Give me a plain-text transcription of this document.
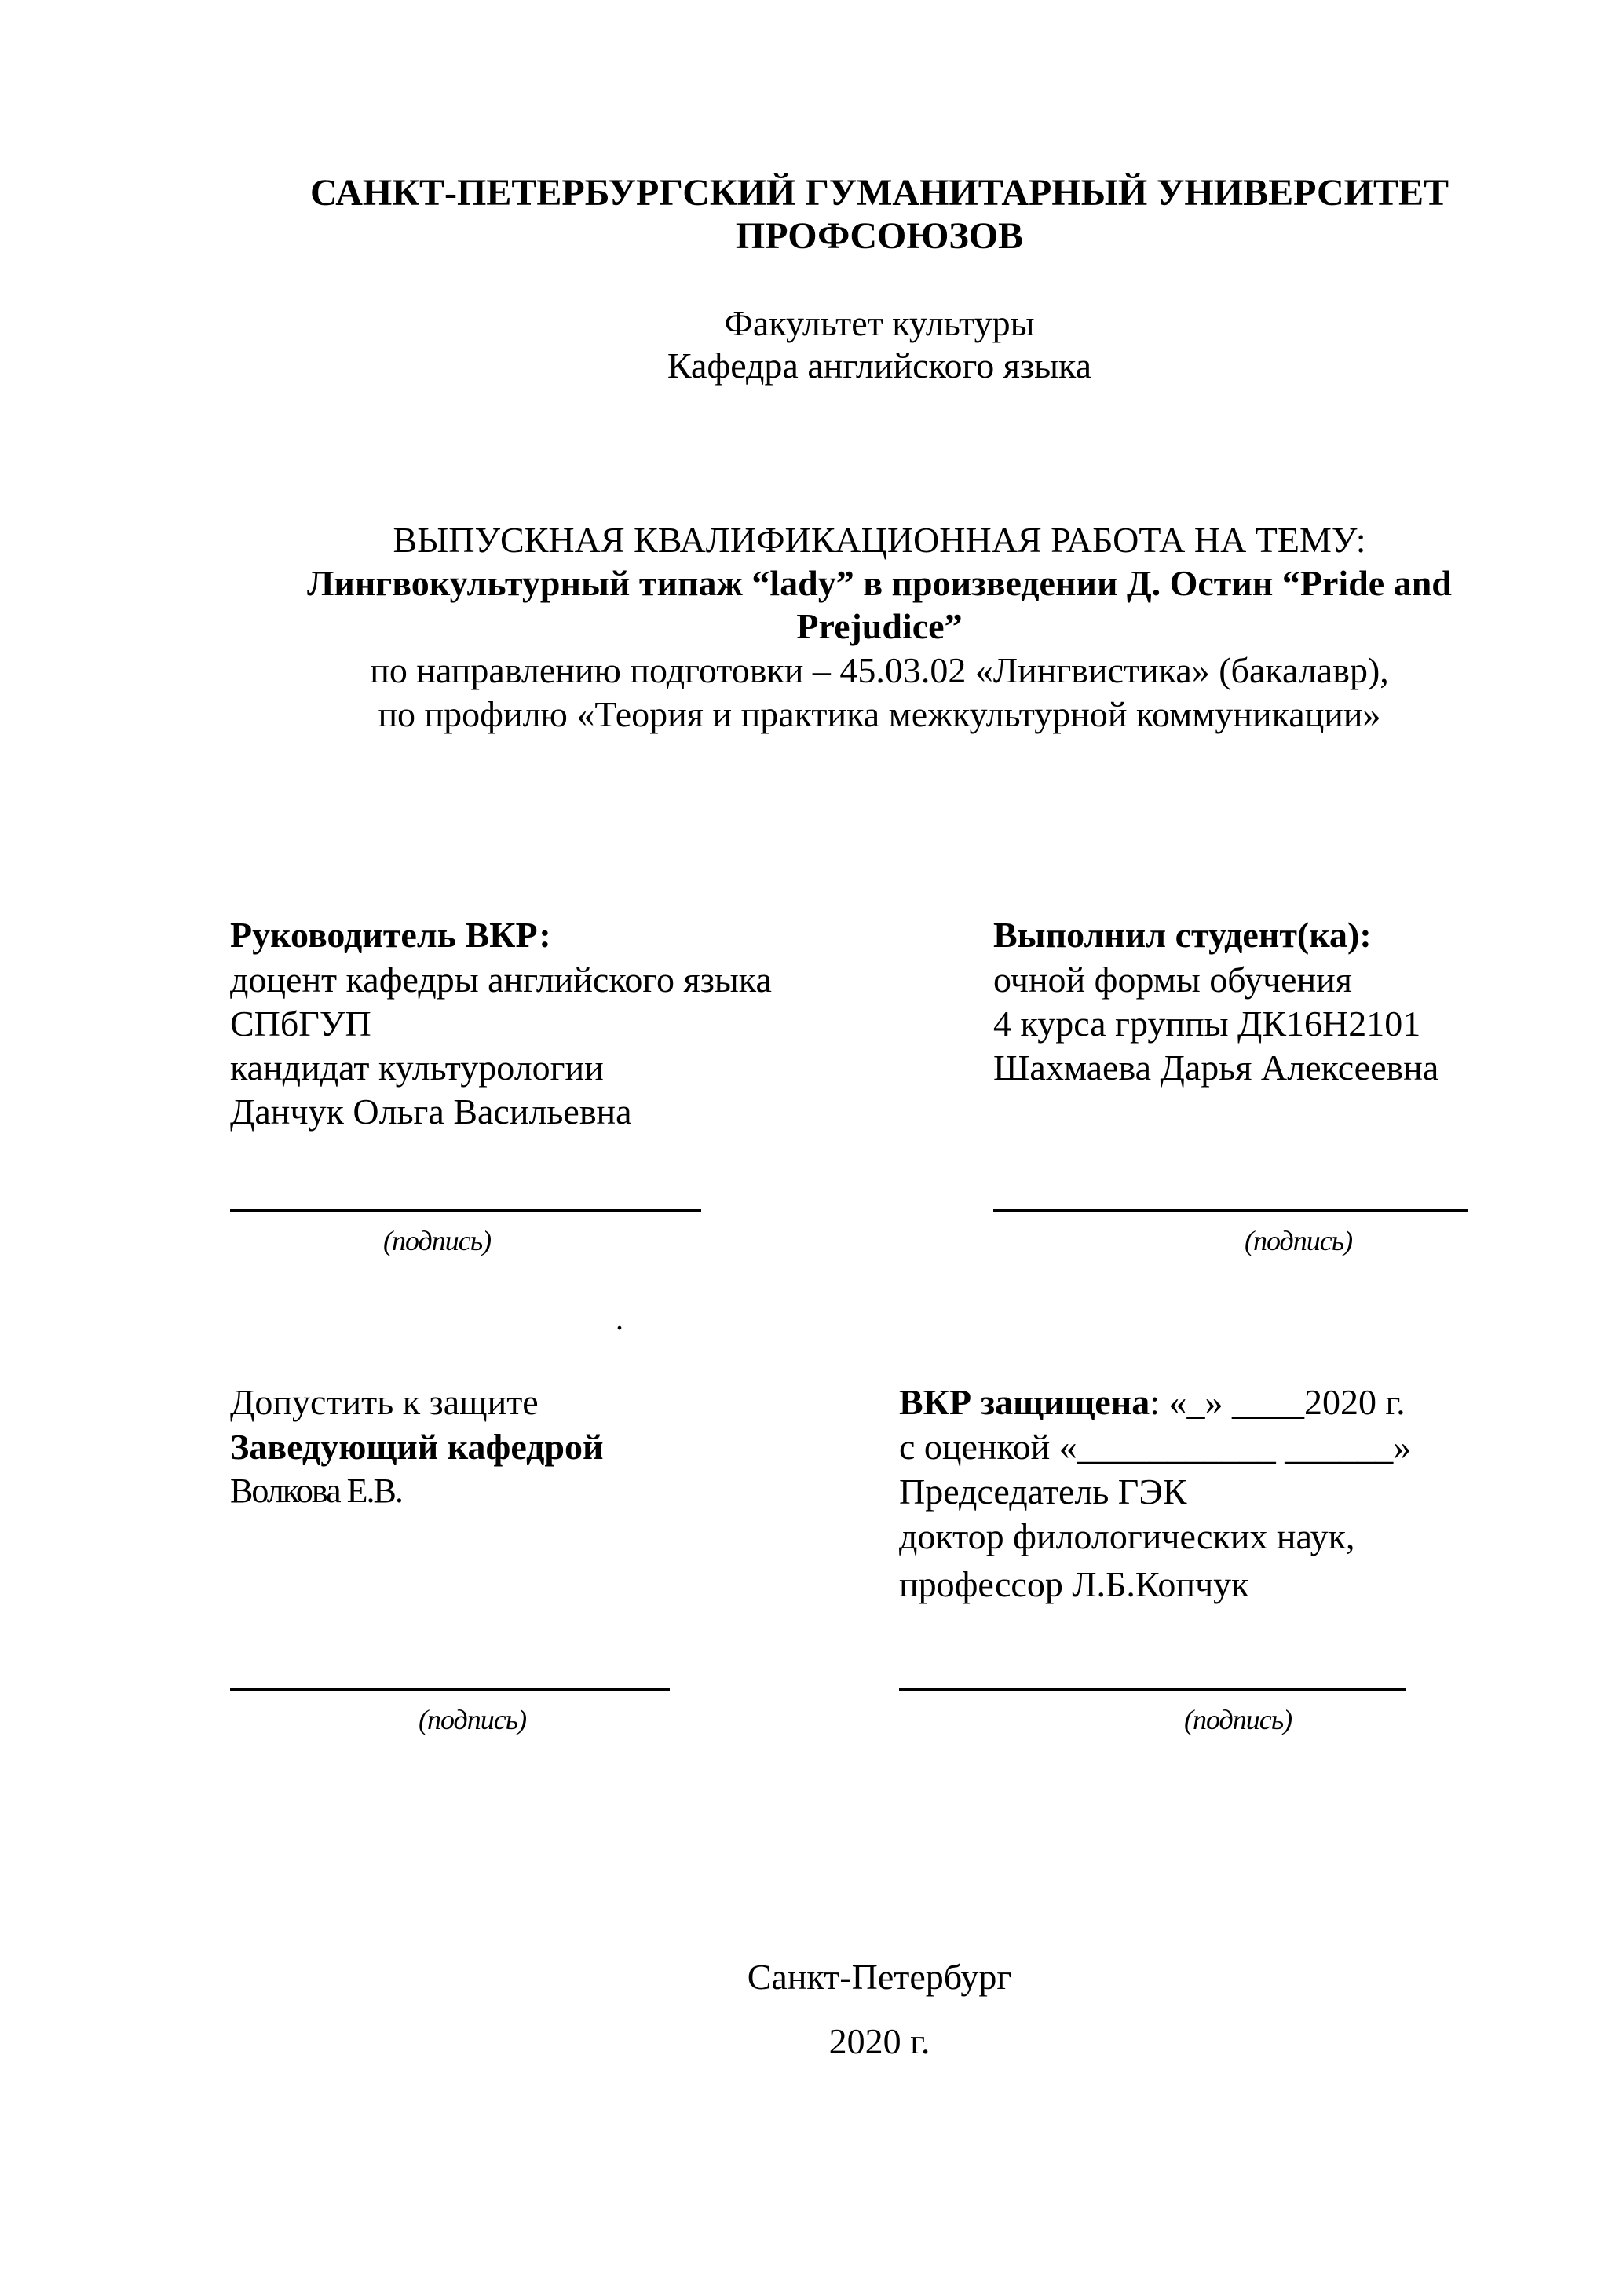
САНКТ-ПЕТЕРБУРГСКИЙ ГУМАНИТАРНЫЙ УНИВЕРСИТЕТ
ПРОФСОЮЗОВ
Факультет культуры
Кафедра английского языка
ВЫПУСКНАЯ КВАЛИФИКАЦИОННАЯ РАБОТА НА ТЕМУ:
Лингвокультурный типаж “lady” в произведении Д. Остин “Pride and
Prejudice”
по направлению подготовки – 45.03.02 «Лингвистика» (бакалавр),
по профилю «Теория и практика межкультурной коммуникации»
Руководитель ВКР:
доцент кафедры английского языка
СПбГУП
кандидат культурологии
Данчук Ольга Васильевна
(подпись)
Выполнил студент(ка):
очной формы обучения
4 курса группы ДК16Н2101
Шахмаева Дарья Алексеевна
(подпись)
.
Допустить к защите
Заведующий кафедрой
Волкова Е.В.
(подпись)
ВКР защищена: «_» ____2020 г.
с оценкой «___________ ______»
Председатель ГЭК
доктор филологических наук,
профессор Л.Б.Копчук
(подпись)
Санкт-Петербург
2020 г.
